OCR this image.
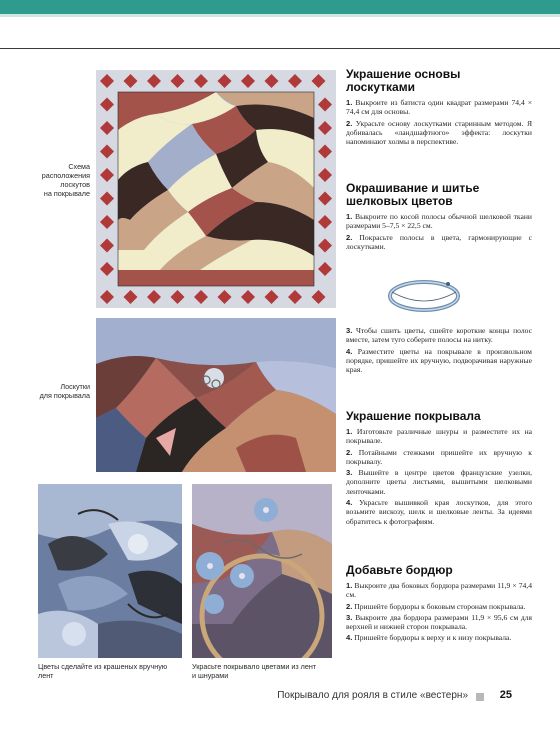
Схема
расположения
лоскутов
на покрывале
Лоскутки
для покрывала
Цветы сделайте из крашеных вручную
лент
Украсьте покрывало цветами из лент
и шнурами
Украшение основы лоскутками
1. Выкроите из батиста один квадрат размерами 74,4 × 74,4 см для основы.
2. Украсьте основу лоскутками старинным методом. Я добивалась «ландшафтного» эффекта: лоскутки напоминают холмы в перспективе.
Окрашивание и шитье шелковых цветов
1. Выкроите по косой полосы обычной шелковой ткани размерами 5–7,5 × 22,5 см.
2. Покрасьте полосы в цвета, гармонирующие с лоскутками.
3. Чтобы сшить цветы, сшейте короткие концы полос вместе, затем туго соберите полосы на нитку.
4. Разместите цветы на покрывале в произвольном порядке, пришейте их вручную, подворачивая наружные края.
Украшение покрывала
1. Изготовьте различные шнуры и разместите их на покрывале.
2. Потайными стежками пришейте их вручную к покрывалу.
3. Вышейте в центре цветов французские узелки, дополните цветы листьями, вышитыми шелковыми ленточками.
4. Украсьте вышивкой края лоскутков, для этого возьмите вискозу, шелк и шелковые ленты. За идеями обратитесь к фотографиям.
Добавьте бордюр
1. Выкроите два боковых бордюра размерами 11,9 × 74,4 см.
2. Пришейте бордюры к боковым сторонам покрывала.
3. Выкроите два бордюра размерами 11,9 × 95,6 см для верхней и нижней сторон покрывала.
4. Пришейте бордюры к верху и к низу покрывала.
Покрывало для рояля в стиле «вестерн»	25
